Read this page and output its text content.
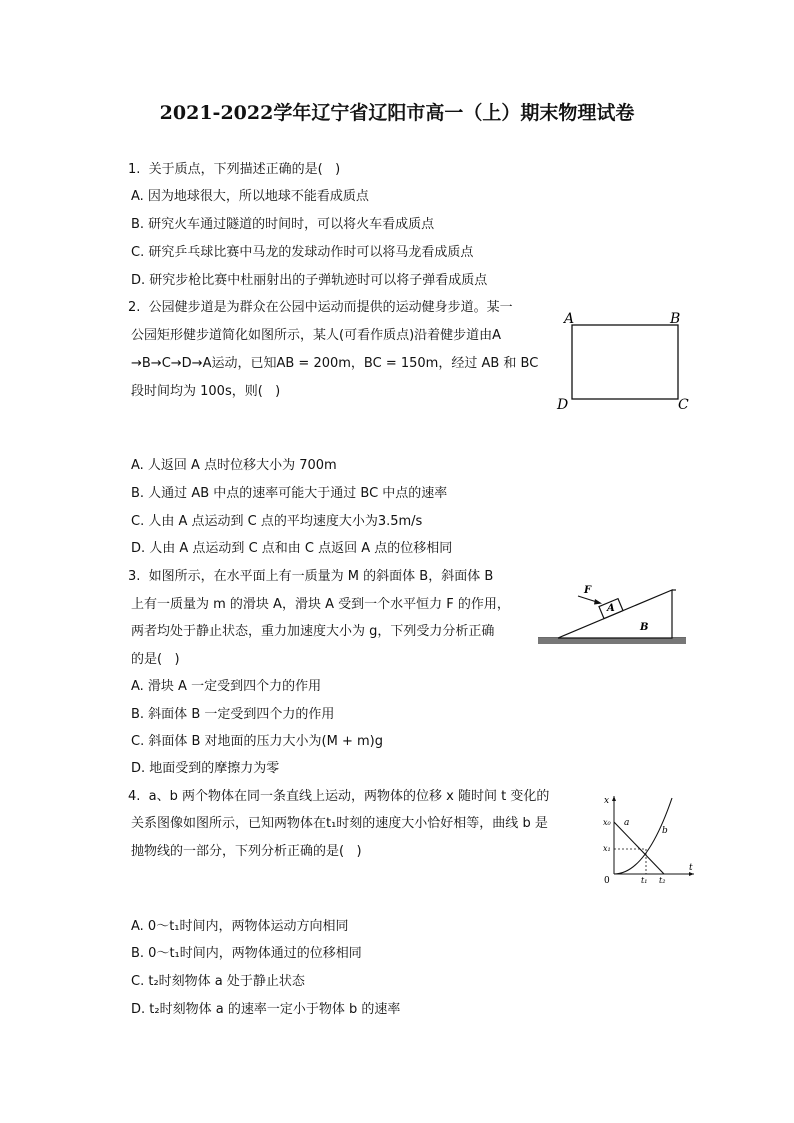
2021-2022学年辽宁省辽阳市高一（上）期末物理试卷
1.  关于质点，下列描述正确的是(   )
A. 因为地球很大，所以地球不能看成质点
B. 研究火车通过隧道的时间时，可以将火车看成质点
C. 研究乒乓球比赛中马龙的发球动作时可以将马龙看成质点
D. 研究步枪比赛中杜丽射出的子弹轨迹时可以将子弹看成质点
2.  公园健步道是为群众在公园中运动而提供的运动健身步道。某一
公园矩形健步道简化如图所示，某人(可看作质点)沿着健步道由A
→B→C→D→A运动，已知AB = 200m，BC = 150m，经过 AB 和 BC
段时间均为 100s，则(   )
A	B
C
D
A. 人返回 A 点时位移大小为 700m
B. 人通过 AB 中点的速率可能大于通过 BC 中点的速率
C. 人由 A 点运动到 C 点的平均速度大小为3.5m/s
D. 人由 A 点运动到 C 点和由 C 点返回 A 点的位移相同
3.  如图所示，在水平面上有一质量为 M 的斜面体 B，斜面体 B
上有一质量为 m 的滑块 A，滑块 A 受到一个水平恒力 F 的作用，
两者均处于静止状态，重力加速度大小为 g，下列受力分析正确
的是(   )
F
A
B
A. 滑块 A 一定受到四个力的作用
B. 斜面体 B 一定受到四个力的作用
C. 斜面体 B 对地面的压力大小为(M + m)g
D. 地面受到的摩擦力为零
4.  a、b 两个物体在同一条直线上运动，两物体的位移 x 随时间 t 变化的
关系图像如图所示，已知两物体在t₁时刻的速度大小恰好相等，曲线 b 是
抛物线的一部分，下列分析正确的是(   )
x
t
0
x₀
x₁
a
b
t₁ t₂
A. 0～t₁时间内，两物体运动方向相同
B. 0～t₁时间内，两物体通过的位移相同
C. t₂时刻物体 a 处于静止状态
D. t₂时刻物体 a 的速率一定小于物体 b 的速率
